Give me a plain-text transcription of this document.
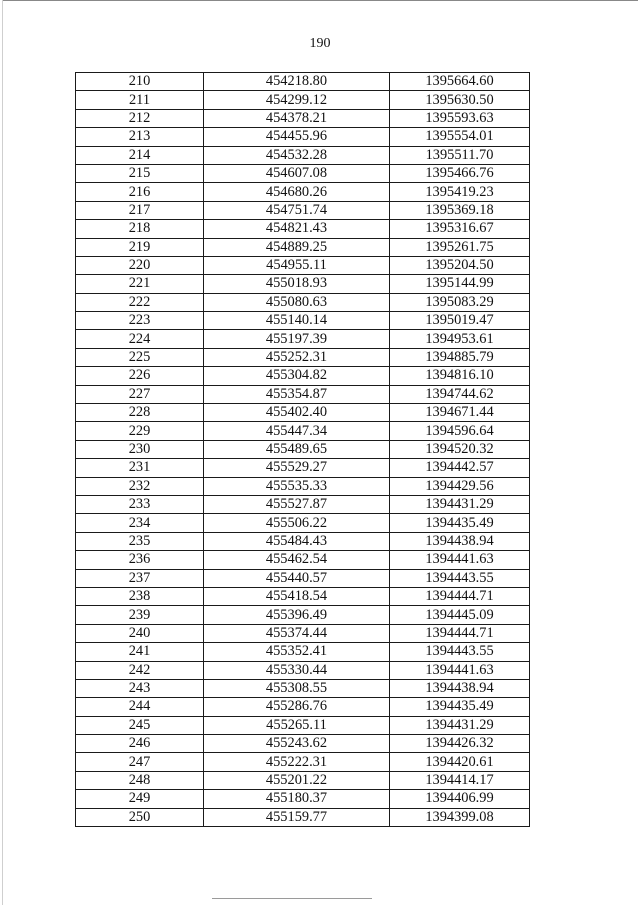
190
210	454218.80	1395664.60
211	454299.12	1395630.50
212	454378.21	1395593.63
213	454455.96	1395554.01
214	454532.28	1395511.70
215	454607.08	1395466.76
216	454680.26	1395419.23
217	454751.74	1395369.18
218	454821.43	1395316.67
219	454889.25	1395261.75
220	454955.11	1395204.50
221	455018.93	1395144.99
222	455080.63	1395083.29
223	455140.14	1395019.47
224	455197.39	1394953.61
225	455252.31	1394885.79
226	455304.82	1394816.10
227	455354.87	1394744.62
228	455402.40	1394671.44
229	455447.34	1394596.64
230	455489.65	1394520.32
231	455529.27	1394442.57
232	455535.33	1394429.56
233	455527.87	1394431.29
234	455506.22	1394435.49
235	455484.43	1394438.94
236	455462.54	1394441.63
237	455440.57	1394443.55
238	455418.54	1394444.71
239	455396.49	1394445.09
240	455374.44	1394444.71
241	455352.41	1394443.55
242	455330.44	1394441.63
243	455308.55	1394438.94
244	455286.76	1394435.49
245	455265.11	1394431.29
246	455243.62	1394426.32
247	455222.31	1394420.61
248	455201.22	1394414.17
249	455180.37	1394406.99
250	455159.77	1394399.08
